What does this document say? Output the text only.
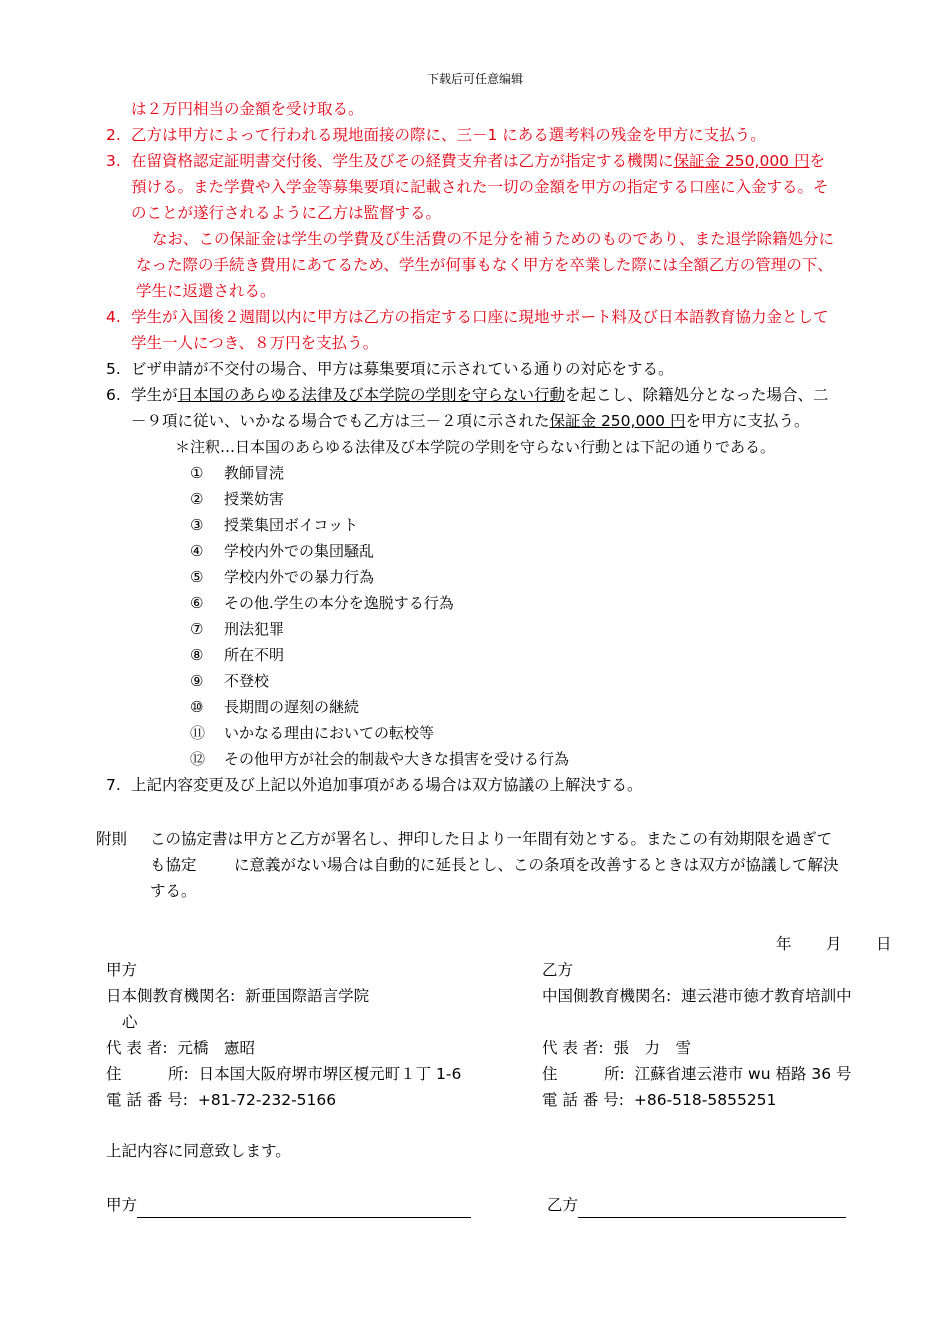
下载后可任意编辑
は２万円相当の金額を受け取る。
2. 乙方は甲方によって行われる現地面接の際に、三－1 にある選考料の残金を甲方に支払う。
3. 在留資格認定証明書交付後、学生及びその経費支弁者は乙方が指定する機関に保証金 250,000 円を
預ける。また学費や入学金等募集要項に記載された一切の金額を甲方の指定する口座に入金する。そ
のことが遂行されるように乙方は監督する。
なお、この保証金は学生の学費及び生活費の不足分を補うためのものであり、また退学除籍処分に
なった際の手続き費用にあてるため、学生が何事もなく甲方を卒業した際には全額乙方の管理の下、
学生に返還される。
4. 学生が入国後２週間以内に甲方は乙方の指定する口座に現地サポート料及び日本語教育協力金として
学生一人につき、８万円を支払う。
5. ビザ申請が不交付の場合、甲方は募集要項に示されている通りの対応をする。
6. 学生が日本国のあらゆる法律及び本学院の学則を守らない行動を起こし、除籍処分となった場合、二
－９項に従い、いかなる場合でも乙方は三－２項に示された保証金 250,000 円を甲方に支払う。
＊注釈…日本国のあらゆる法律及び本学院の学則を守らない行動とは下記の通りである。
① 教師冒涜
② 授業妨害
③ 授業集団ボイコット
④ 学校内外での集団騒乱
⑤ 学校内外での暴力行為
⑥ その他.学生の本分を逸脱する行為
⑦ 刑法犯罪
⑧ 所在不明
⑨ 不登校
⑩ 長期間の遅刻の継続
⑪ いかなる理由においての転校等
⑫ その他甲方が社会的制裁や大きな損害を受ける行為
7. 上記内容変更及び上記以外追加事項がある場合は双方協議の上解決する。
附則 この協定書は甲方と乙方が署名し、押印した日より一年間有効とする。またこの有効期限を過ぎて
も協定 に意義がない場合は自動的に延長とし、この条項を改善するときは双方が協議して解決
する。
年 月 日
甲方
日本側教育機関名: 新亜国際語言学院
代 表 者: 元橋　憲昭
住　　　所: 日本国大阪府堺市堺区榎元町１丁 1-6
電 話 番 号: +81-72-232-5166
乙方
中国側教育機関名: 連云港市徳才教育培訓中
心
代 表 者: 張　力　雪
住　　　所: 江蘇省連云港市 wu 梧路 36 号
電 話 番 号: +86-518-5855251
上記内容に同意致します。
甲方	乙方
